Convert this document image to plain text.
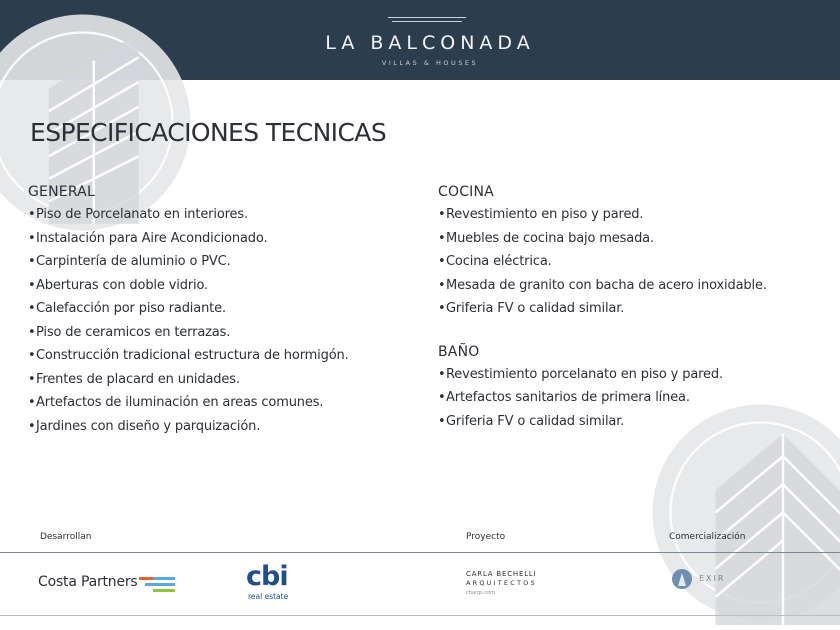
LA BALCONADA
VILLAS & HOUSES
ESPECIFICACIONES TECNICAS
GENERAL
•Piso de Porcelanato en interiores.
•Instalación para Aire Acondicionado.
•Carpintería de aluminio o PVC.
•Aberturas con doble vidrio.
•Calefacción por piso radiante.
•Piso de ceramicos en terrazas.
•Construcción tradicional estructura de hormigón.
•Frentes de placard en unidades.
•Artefactos de iluminación en areas comunes.
•Jardines con diseño y parquización.
COCINA
•Revestimiento en piso y pared.
•Muebles de cocina bajo mesada.
•Cocina eléctrica.
•Mesada de granito con bacha de acero inoxidable.
•Griferia FV o calidad similar.
BAÑO
•Revestimiento porcelanato en piso y pared.
•Artefactos sanitarios de primera línea.
•Griferia FV o calidad similar.
Desarrollan	Proyecto	Comercialización
Costa Partners	cbi
real estate
CARLA BECHELLI
ARQUITECTOS
cbarqs.com
EXIR
